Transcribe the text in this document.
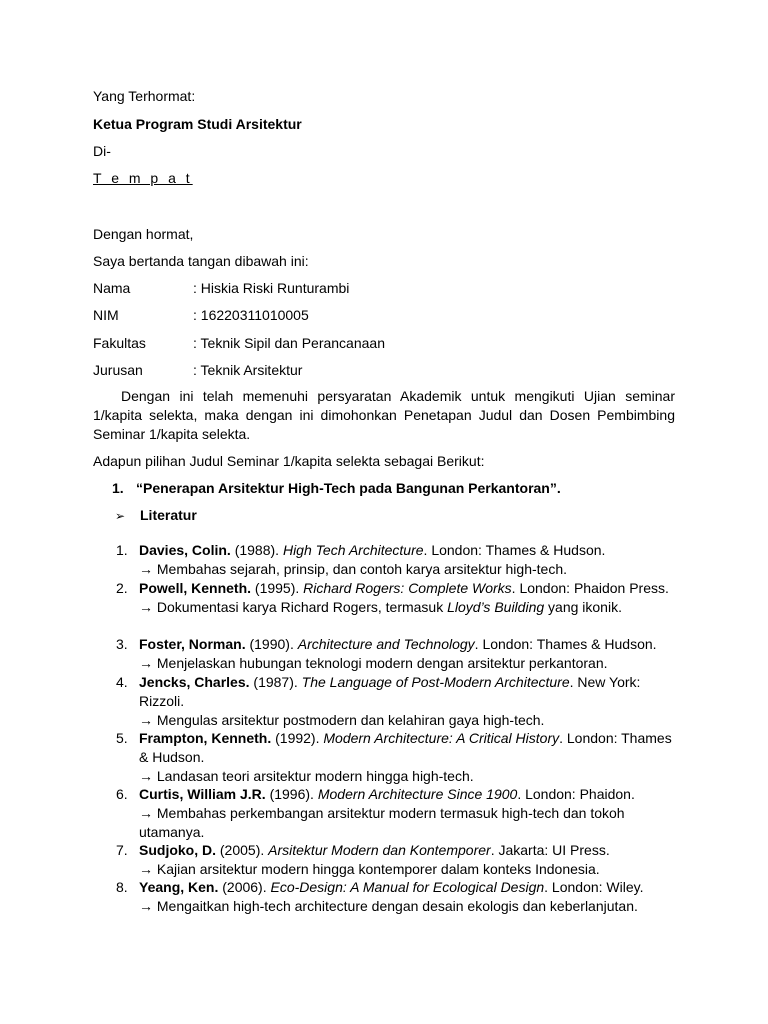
Yang Terhormat:
Ketua Program Studi Arsitektur
Di-
T e m p a t
Dengan hormat,
Saya bertanda tangan dibawah ini:
Nama	: Hiskia Riski Runturambi
NIM	: 16220311010005
Fakultas	: Teknik Sipil dan Perancanaan
Jurusan	: Teknik Arsitektur
Dengan ini telah memenuhi persyaratan Akademik untuk mengikuti Ujian seminar 1/kapita selekta, maka dengan ini dimohonkan Penetapan Judul dan Dosen Pembimbing Seminar 1/kapita selekta.
Adapun pilihan Judul Seminar 1/kapita selekta sebagai Berikut:
1. “Penerapan Arsitektur High-Tech pada Bangunan Perkantoran”.
➢ Literatur
1. Davies, Colin. (1988). High Tech Architecture. London: Thames & Hudson.
→ Membahas sejarah, prinsip, dan contoh karya arsitektur high-tech.
2. Powell, Kenneth. (1995). Richard Rogers: Complete Works. London: Phaidon Press.
→ Dokumentasi karya Richard Rogers, termasuk Lloyd’s Building yang ikonik.
3. Foster, Norman. (1990). Architecture and Technology. London: Thames & Hudson.
→ Menjelaskan hubungan teknologi modern dengan arsitektur perkantoran.
4. Jencks, Charles. (1987). The Language of Post-Modern Architecture. New York: Rizzoli.
→ Mengulas arsitektur postmodern dan kelahiran gaya high-tech.
5. Frampton, Kenneth. (1992). Modern Architecture: A Critical History. London: Thames & Hudson.
→ Landasan teori arsitektur modern hingga high-tech.
6. Curtis, William J.R. (1996). Modern Architecture Since 1900. London: Phaidon.
→ Membahas perkembangan arsitektur modern termasuk high-tech dan tokoh utamanya.
7. Sudjoko, D. (2005). Arsitektur Modern dan Kontemporer. Jakarta: UI Press.
→ Kajian arsitektur modern hingga kontemporer dalam konteks Indonesia.
8. Yeang, Ken. (2006). Eco-Design: A Manual for Ecological Design. London: Wiley.
→ Mengaitkan high-tech architecture dengan desain ekologis dan keberlanjutan.
